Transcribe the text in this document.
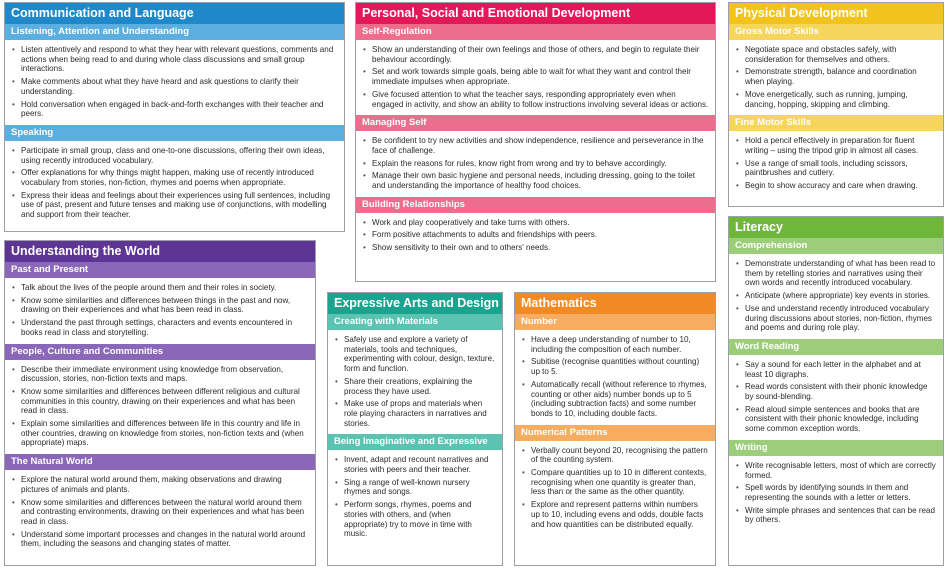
Communication and Language
Listening, Attention and Understanding
• Listen attentively and respond to what they hear with relevant questions, comments and actions when being read to and during whole class discussions and small group interactions.
• Make comments about what they have heard and ask questions to clarify their understanding.
• Hold conversation when engaged in back-and-forth exchanges with their teacher and peers.
Speaking
• Participate in small group, class and one-to-one discussions, offering their own ideas, using recently introduced vocabulary.
• Offer explanations for why things might happen, making use of recently introduced vocabulary from stories, non-fiction, rhymes and poems when appropriate.
• Express their ideas and feelings about their experiences using full sentences, including use of past, present and future tenses and making use of conjunctions, with modelling and support from their teacher.
Understanding the World
Past and Present
• Talk about the lives of the people around them and their roles in society.
• Know some similarities and differences between things in the past and now, drawing on their experiences and what has been read in class.
• Understand the past through settings, characters and events encountered in books read in class and storytelling.
People, Culture and Communities
• Describe their immediate environment using knowledge from observation, discussion, stories, non-fiction texts and maps.
• Know some similarities and differences between different religious and cultural communities in this country, drawing on their experiences and what has been read in class.
• Explain some similarities and differences between life in this country and life in other countries, drawing on knowledge from stories, non-fiction texts and (when appropriate) maps.
The Natural World
• Explore the natural world around them, making observations and drawing pictures of animals and plants.
• Know some similarities and differences between the natural world around them and contrasting environments, drawing on their experiences and what has been read in class.
• Understand some important processes and changes in the natural world around them, including the seasons and changing states of matter.
Personal, Social and Emotional Development
Self-Regulation
• Show an understanding of their own feelings and those of others, and begin to regulate their behaviour accordingly.
• Set and work towards simple goals, being able to wait for what they want and control their immediate impulses when appropriate.
• Give focused attention to what the teacher says, responding appropriately even when engaged in activity, and show an ability to follow instructions involving several ideas or actions.
Managing Self
• Be confident to try new activities and show independence, resilience and perseverance in the face of challenge.
• Explain the reasons for rules, know right from wrong and try to behave accordingly.
• Manage their own basic hygiene and personal needs, including dressing, going to the toilet and understanding the importance of healthy food choices.
Building Relationships
• Work and play cooperatively and take turns with others.
• Form positive attachments to adults and friendships with peers.
• Show sensitivity to their own and to others' needs.
Expressive Arts and Design
Creating with Materials
• Safely use and explore a variety of materials, tools and techniques, experimenting with colour, design, texture, form and function.
• Share their creations, explaining the process they have used.
• Make use of props and materials when role playing characters in narratives and stories.
Being Imaginative and Expressive
• Invent, adapt and recount narratives and stories with peers and their teacher.
• Sing a range of well-known nursery rhymes and songs.
• Perform songs, rhymes, poems and stories with others, and (when appropriate) try to move in time with music.
Mathematics
Number
• Have a deep understanding of number to 10, including the composition of each number.
• Subitise (recognise quantities without counting) up to 5.
• Automatically recall (without reference to rhymes, counting or other aids) number bonds up to 5 (including subtraction facts) and some number bonds to 10, including double facts.
Numerical Patterns
• Verbally count beyond 20, recognising the pattern of the counting system.
• Compare quantities up to 10 in different contexts, recognising when one quantity is greater than, less than or the same as the other quantity.
• Explore and represent patterns within numbers up to 10, including evens and odds, double facts and how quantities can be distributed equally.
Physical Development
Gross Motor Skills
• Negotiate space and obstacles safely, with consideration for themselves and others.
• Demonstrate strength, balance and coordination when playing.
• Move energetically, such as running, jumping, dancing, hopping, skipping and climbing.
Fine Motor Skills
• Hold a pencil effectively in preparation for fluent writing – using the tripod grip in almost all cases.
• Use a range of small tools, including scissors, paintbrushes and cutlery.
• Begin to show accuracy and care when drawing.
Literacy
Comprehension
• Demonstrate understanding of what has been read to them by retelling stories and narratives using their own words and recently introduced vocabulary.
• Anticipate (where appropriate) key events in stories.
• Use and understand recently introduced vocabulary during discussions about stories, non-fiction, rhymes and poems and during role play.
Word Reading
• Say a sound for each letter in the alphabet and at least 10 digraphs.
• Read words consistent with their phonic knowledge by sound-blending.
• Read aloud simple sentences and books that are consistent with their phonic knowledge, including some common exception words.
Writing
• Write recognisable letters, most of which are correctly formed.
• Spell words by identifying sounds in them and representing the sounds with a letter or letters.
• Write simple phrases and sentences that can be read by others.
